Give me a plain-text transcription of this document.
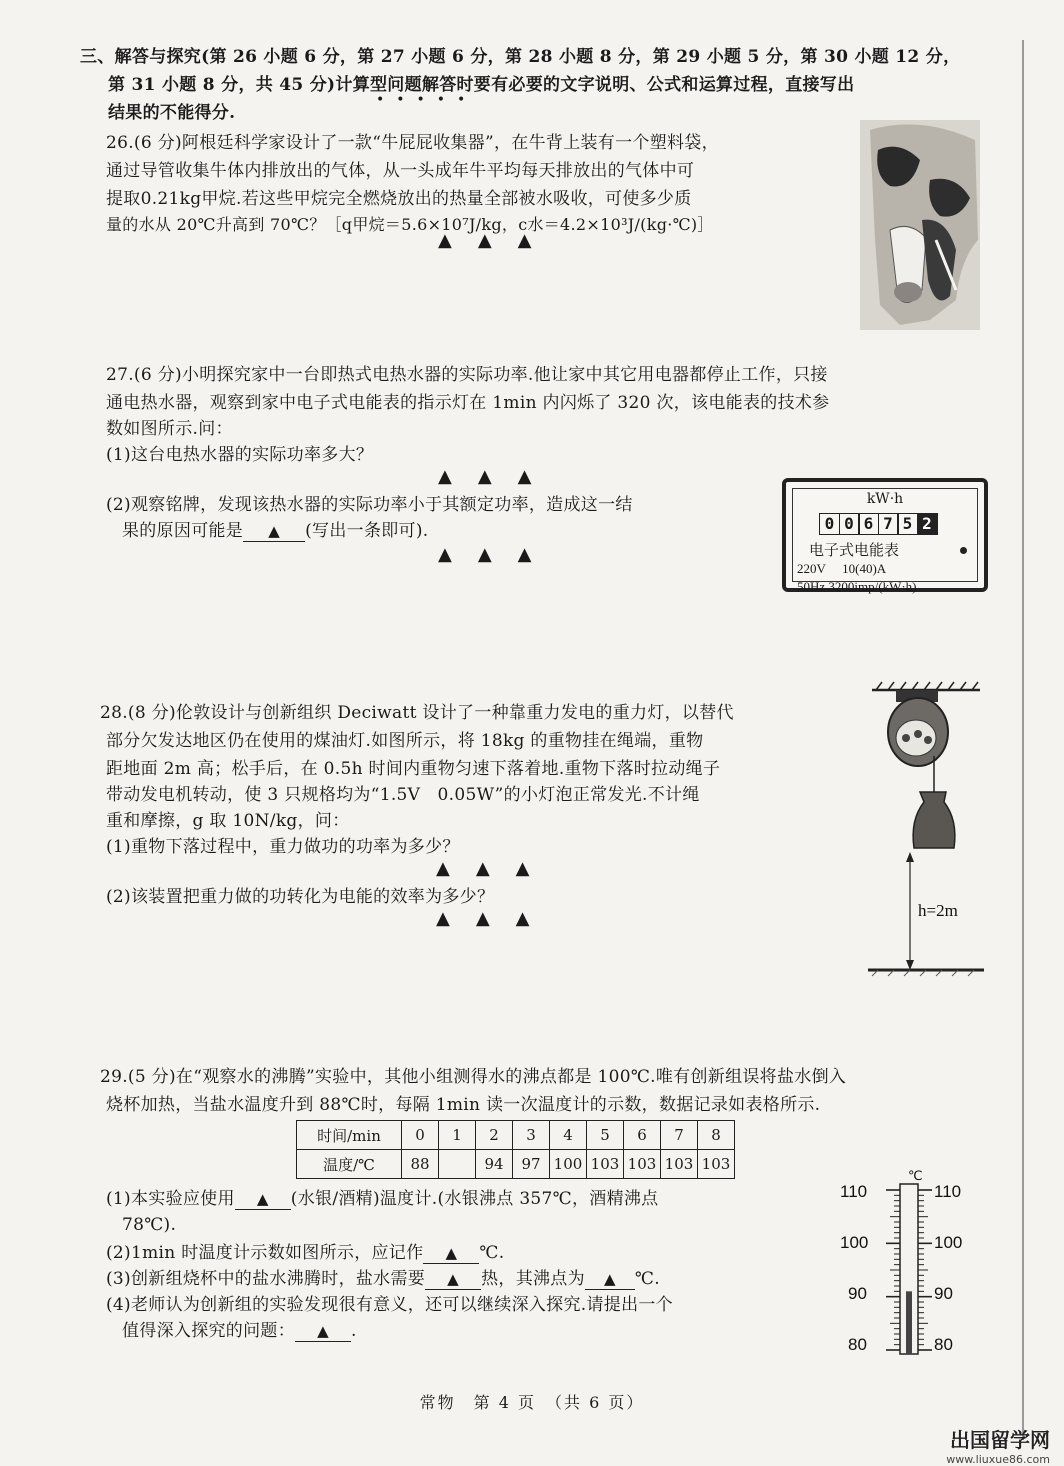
三、解答与探究(第 26 小题 6 分，第 27 小题 6 分，第 28 小题 8 分，第 29 小题 5 分，第 30 小题 12 分，
第 31 小题 8 分，共 45 分)计算型问题解答时要有必要的文字说明、公式和运算过程，直接写出
•••••
结果的不能得分.
26.(6 分)阿根廷科学家设计了一款“牛屁屁收集器”，在牛背上装有一个塑料袋，
通过导管收集牛体内排放出的气体，从一头成年牛平均每天排放出的气体中可
提取0.21kg甲烷.若这些甲烷完全燃烧放出的热量全部被水吸收，可使多少质
量的水从 20℃升高到 70℃？［q甲烷＝5.6×10⁷J/kg，c水＝4.2×10³J/(kg·℃)］
▲▲▲
27.(6 分)小明探究家中一台即热式电热水器的实际功率.他让家中其它用电器都停止工作，只接
通电热水器，观察到家中电子式电能表的指示灯在 1min 内闪烁了 320 次，该电能表的技术参
数如图所示.问：
(1)这台电热水器的实际功率多大？
▲▲▲
(2)观察铭牌，发现该热水器的实际功率小于其额定功率，造成这一结
果的原因可能是 ▲ (写出一条即可).
▲▲▲
kW·h
0 0 6 7 5 2
电子式电能表
220V 10(40)A
50Hz 3200imp/(kW·h)
28.(8 分)伦敦设计与创新组织 Deciwatt 设计了一种靠重力发电的重力灯，以替代
部分欠发达地区仍在使用的煤油灯.如图所示，将 18kg 的重物挂在绳端，重物
距地面 2m 高；松手后，在 0.5h 时间内重物匀速下落着地.重物下落时拉动绳子
带动发电机转动，使 3 只规格均为“1.5V　0.05W”的小灯泡正常发光.不计绳
重和摩擦，g 取 10N/kg，问：
(1)重物下落过程中，重力做功的功率为多少？
▲▲▲
(2)该装置把重力做的功转化为电能的效率为多少？
▲▲▲	h=2m
29.(5 分)在“观察水的沸腾”实验中，其他小组测得水的沸点都是 100℃.唯有创新组误将盐水倒入
烧杯加热，当盐水温度升到 88℃时，每隔 1min 读一次温度计的示数，数据记录如表格所示.
时间/min	0	1	2	3	4	5	6	7	8
温度/℃	88		94	97	100	103	103	103	103
(1)本实验应使用 ▲ (水银/酒精)温度计.(水银沸点 357℃，酒精沸点
78℃).
(2)1min 时温度计示数如图所示，应记作 ▲ ℃.
(3)创新组烧杯中的盐水沸腾时，盐水需要 ▲ 热，其沸点为 ▲ ℃.
(4)老师认为创新组的实验发现很有意义，还可以继续深入探究.请提出一个
值得深入探究的问题： ▲ .
℃
110
100
90
80
110
100
90
80
常物　第 4 页　（共 6 页）
出国留学网
www.liuxue86.com
